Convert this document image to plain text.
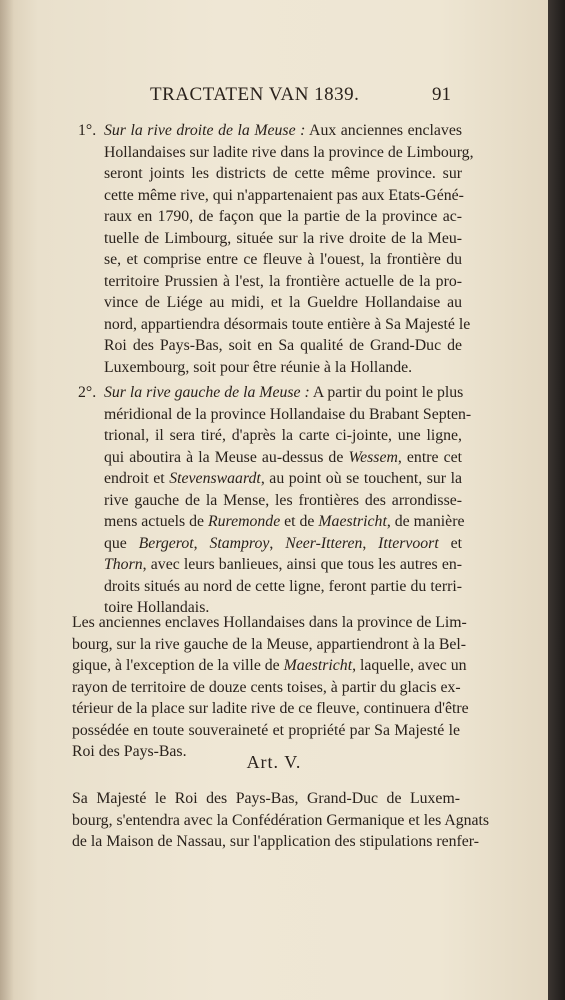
TRACTATEN VAN 1839.	91
1°. Sur la rive droite de la Meuse : Aux anciennes enclaves
Hollandaises sur ladite rive dans la province de Limbourg,
seront joints les districts de cette même province. sur
cette même rive, qui n'appartenaient pas aux Etats-Géné-
raux en 1790, de façon que la partie de la province ac-
tuelle de Limbourg, située sur la rive droite de la Meu-
se, et comprise entre ce fleuve à l'ouest, la frontière du
territoire Prussien à l'est, la frontière actuelle de la pro-
vince de Liége au midi, et la Gueldre Hollandaise au
nord, appartiendra désormais toute entière à Sa Majesté le
Roi des Pays-Bas, soit en Sa qualité de Grand-Duc de
Luxembourg, soit pour être réunie à la Hollande.
2°. Sur la rive gauche de la Meuse : A partir du point le plus
méridional de la province Hollandaise du Brabant Septen-
trional, il sera tiré, d'après la carte ci-jointe, une ligne,
qui aboutira à la Meuse au-dessus de Wessem, entre cet
endroit et Stevenswaardt, au point où se touchent, sur la
rive gauche de la Mense, les frontières des arrondisse-
mens actuels de Ruremonde et de Maestricht, de manière
que Bergerot, Stamproy, Neer-Itteren, Ittervoort et
Thorn, avec leurs banlieues, ainsi que tous les autres en-
droits situés au nord de cette ligne, feront partie du terri-
toire Hollandais.
Les anciennes enclaves Hollandaises dans la province de Lim-
bourg, sur la rive gauche de la Meuse, appartiendront à la Bel-
gique, à l'exception de la ville de Maestricht, laquelle, avec un
rayon de territoire de douze cents toises, à partir du glacis ex-
térieur de la place sur ladite rive de ce fleuve, continuera d'être
possédée en toute souveraineté et propriété par Sa Majesté le
Roi des Pays-Bas.
Art. V.
Sa Majesté le Roi des Pays-Bas, Grand-Duc de Luxem-
bourg, s'entendra avec la Confédération Germanique et les Agnats
de la Maison de Nassau, sur l'application des stipulations renfer-
